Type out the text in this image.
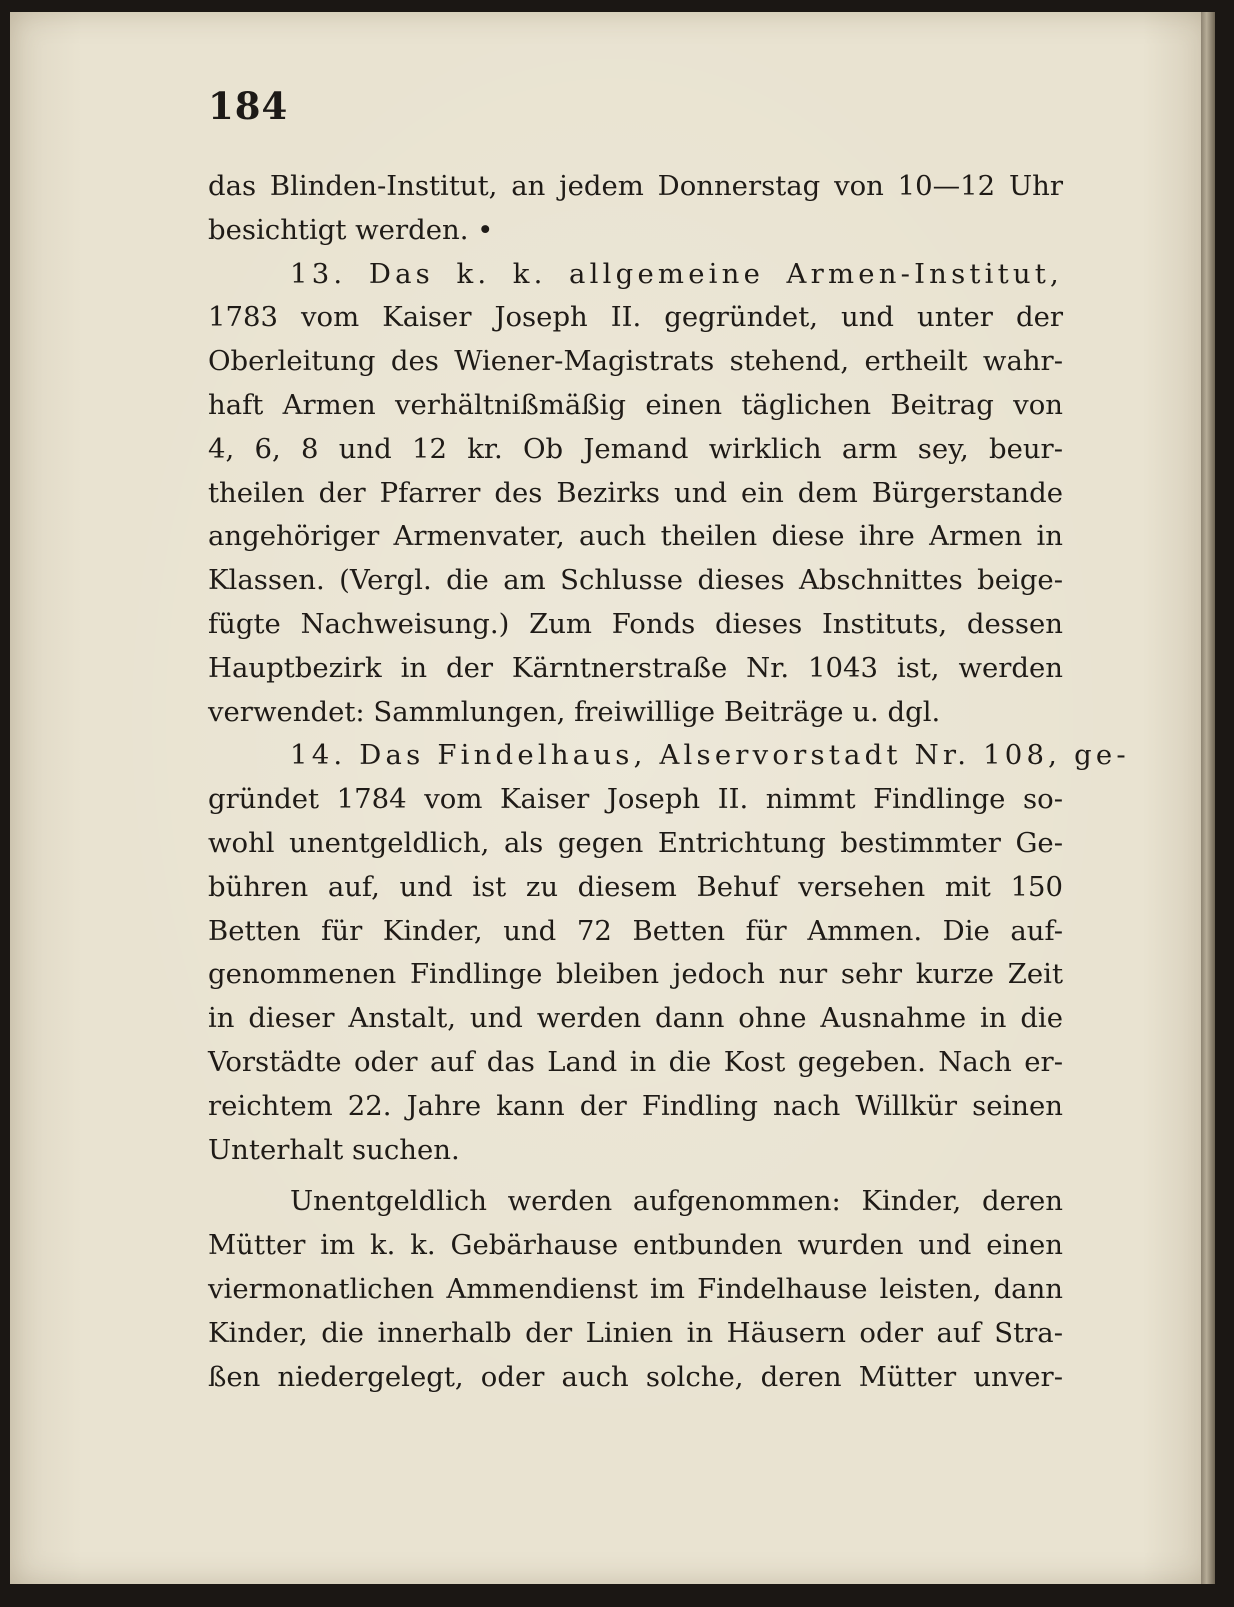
184
das Blinden-Institut, an jedem Donnerstag von 10—12 Uhr
besichtigt werden. •
13. Das k. k. allgemeine Armen-Institut,
1783 vom Kaiser Joseph II. gegründet, und unter der
Oberleitung des Wiener-Magistrats stehend, ertheilt wahr-
haft Armen verhältnißmäßig einen täglichen Beitrag von
4, 6, 8 und 12 kr. Ob Jemand wirklich arm sey, beur-
theilen der Pfarrer des Bezirks und ein dem Bürgerstande
angehöriger Armenvater, auch theilen diese ihre Armen in
Klassen. (Vergl. die am Schlusse dieses Abschnittes beige-
fügte Nachweisung.) Zum Fonds dieses Instituts, dessen
Hauptbezirk in der Kärntnerstraße Nr. 1043 ist, werden
verwendet: Sammlungen, freiwillige Beiträge u. dgl.
14. Das Findelhaus, Alservorstadt Nr. 108, ge-
gründet 1784 vom Kaiser Joseph II. nimmt Findlinge so-
wohl unentgeldlich, als gegen Entrichtung bestimmter Ge-
bühren auf, und ist zu diesem Behuf versehen mit 150
Betten für Kinder, und 72 Betten für Ammen. Die auf-
genommenen Findlinge bleiben jedoch nur sehr kurze Zeit
in dieser Anstalt, und werden dann ohne Ausnahme in die
Vorstädte oder auf das Land in die Kost gegeben. Nach er-
reichtem 22. Jahre kann der Findling nach Willkür seinen
Unterhalt suchen.
Unentgeldlich werden aufgenommen: Kinder, deren
Mütter im k. k. Gebärhause entbunden wurden und einen
viermonatlichen Ammendienst im Findelhause leisten, dann
Kinder, die innerhalb der Linien in Häusern oder auf Stra-
ßen niedergelegt, oder auch solche, deren Mütter unver-
